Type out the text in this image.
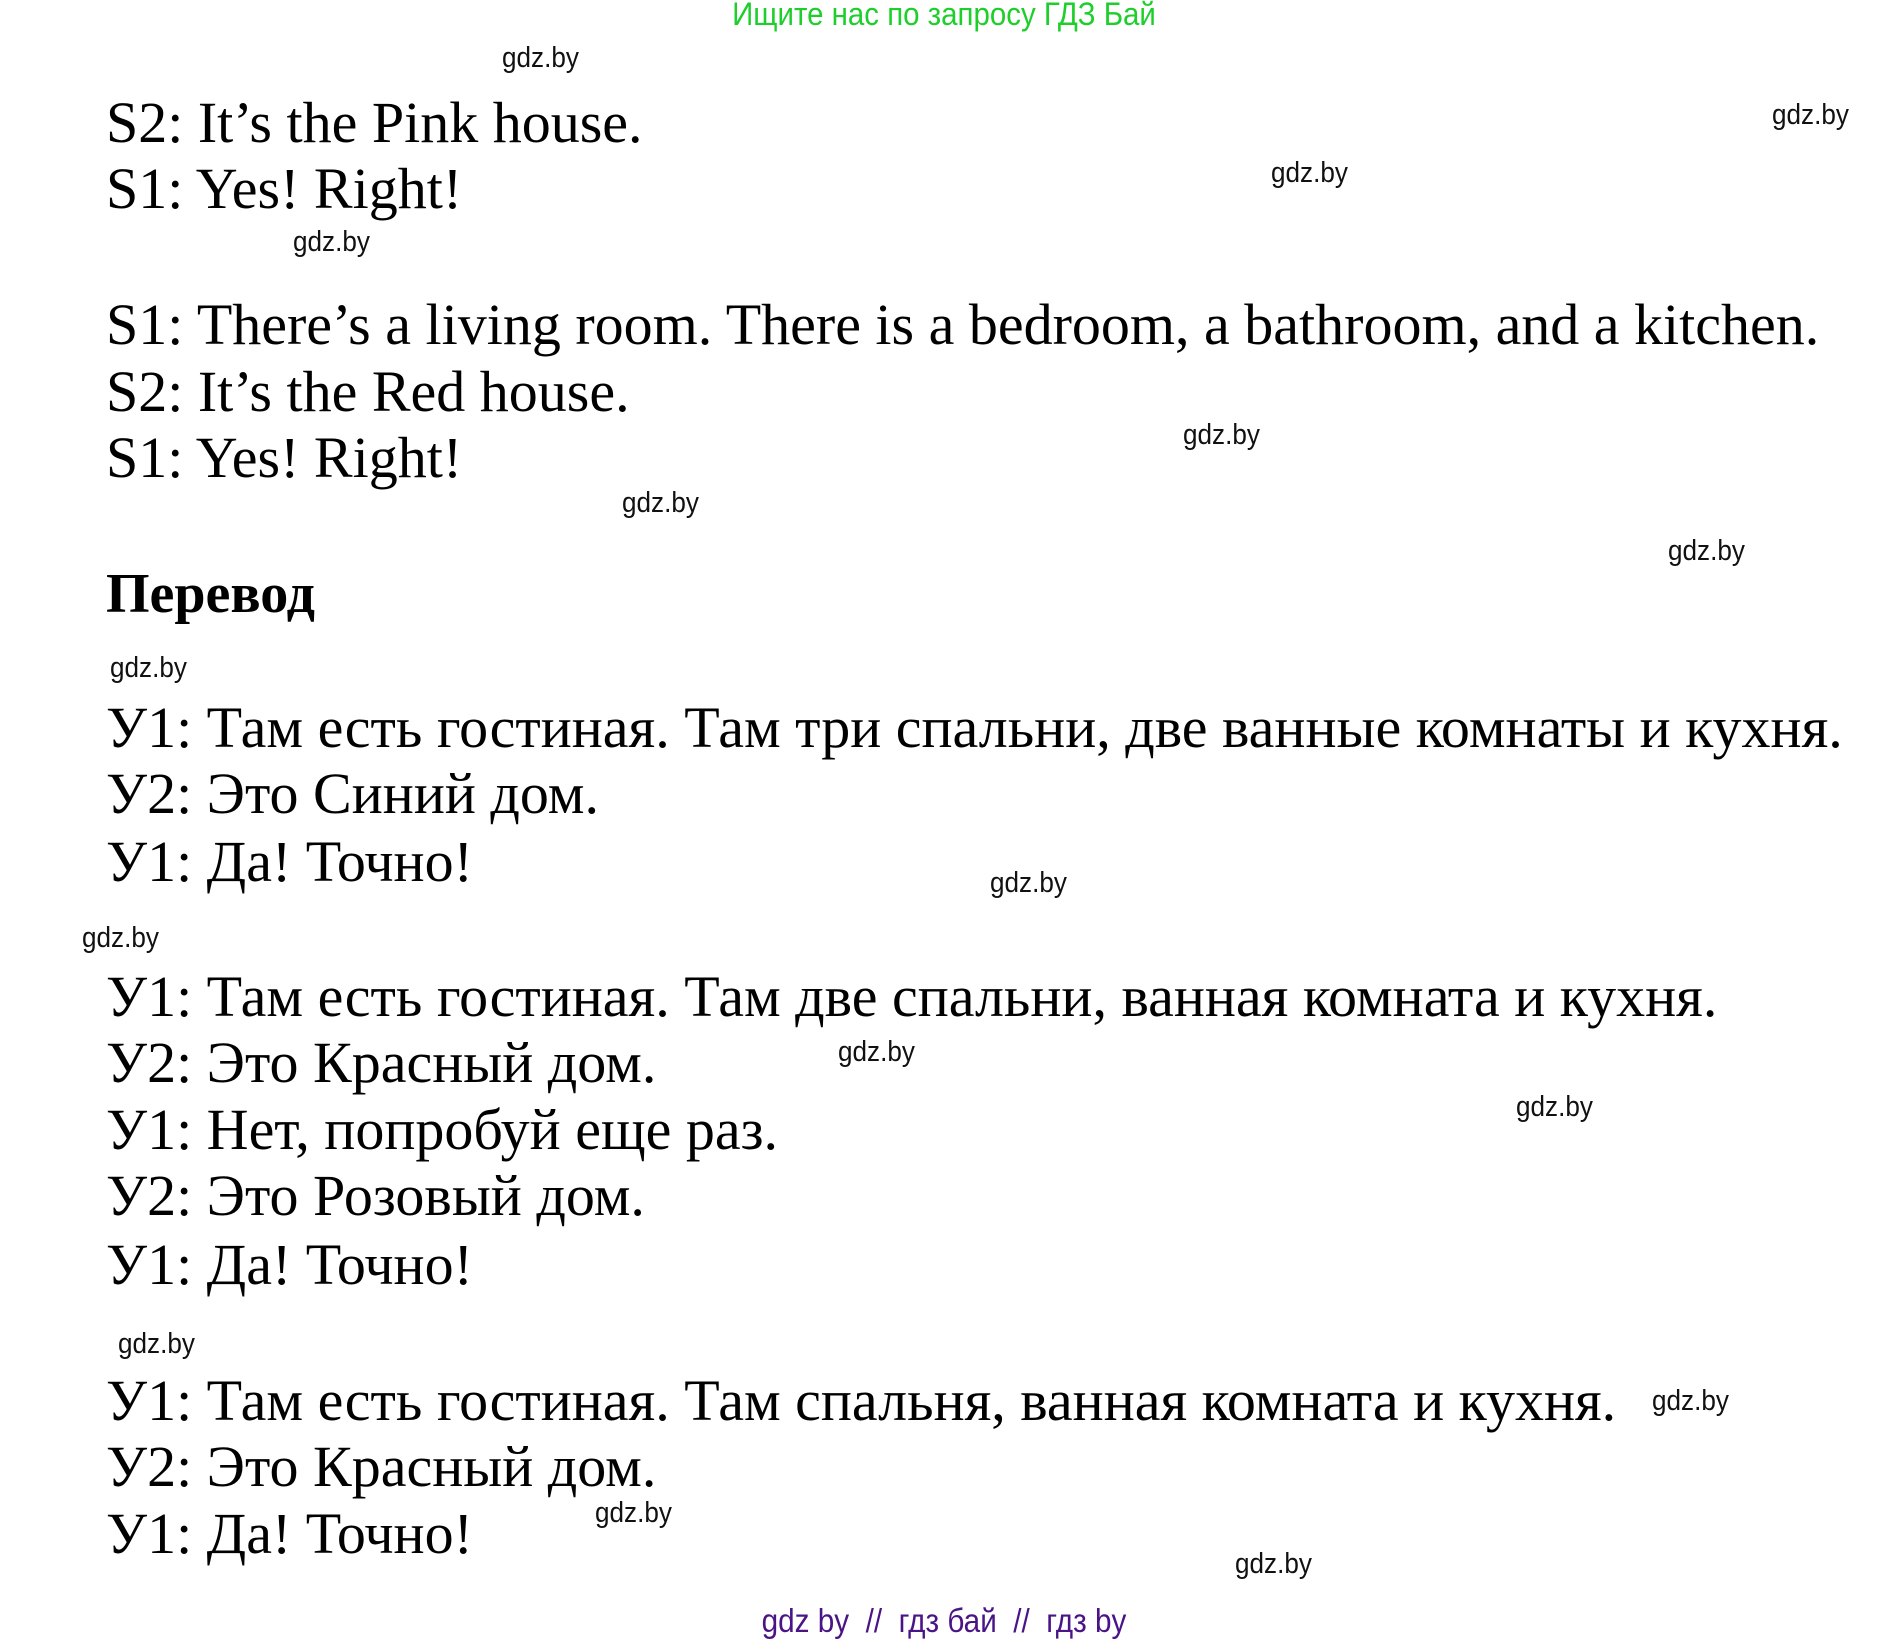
Ищите нас по запросу ГДЗ Бай
S2: It’s the Pink house.
S1: Yes! Right!
S1: There’s a living room. There is a bedroom, a bathroom, and a kitchen.
S2: It’s the Red house.
S1: Yes! Right!
Перевод
У1: Там есть гостиная. Там три спальни, две ванные комнаты и кухня.
У2: Это Синий дом.
У1: Да! Точно!
У1: Там есть гостиная. Там две спальни, ванная комната и кухня.
У2: Это Красный дом.
У1: Нет, попробуй еще раз.
У2: Это Розовый дом.
У1: Да! Точно!
У1: Там есть гостиная. Там спальня, ванная комната и кухня.
У2: Это Красный дом.
У1: Да! Точно!
gdz.by
gdz.by
gdz.by
gdz.by
gdz.by
gdz.by
gdz.by
gdz.by
gdz.by
gdz.by
gdz.by
gdz.by
gdz.by
gdz.by
gdz.by
gdz.by
gdz by  //  гдз бай  //  гдз by
